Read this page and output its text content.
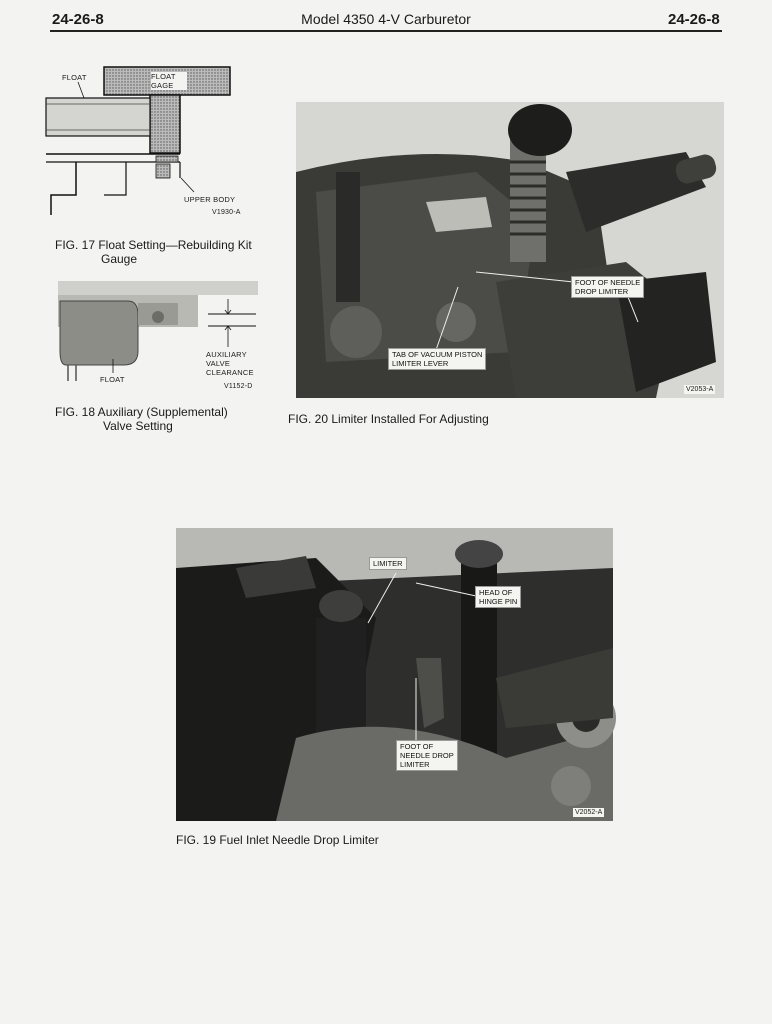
24-26-8	Model 4350 4-V Carburetor	24-26-8
FLOAT	FLOAT
GAGE
UPPER BODY
V1930-A
FIG. 17 Float Setting—Rebuilding Kit
Gauge
AUXILIARY
VALVE
CLEARANCE
FLOAT
V1152-D
FIG. 18 Auxiliary (Supplemental)
Valve Setting
FOOT OF NEEDLE
DROP LIMITER
TAB OF VACUUM PISTON
LIMITER LEVER
V2053-A
FIG. 20 Limiter Installed For Adjusting
LIMITER
HEAD OF
HINGE PIN
FOOT OF
NEEDLE DROP
LIMITER
V2052-A
FIG. 19 Fuel Inlet Needle Drop Limiter
